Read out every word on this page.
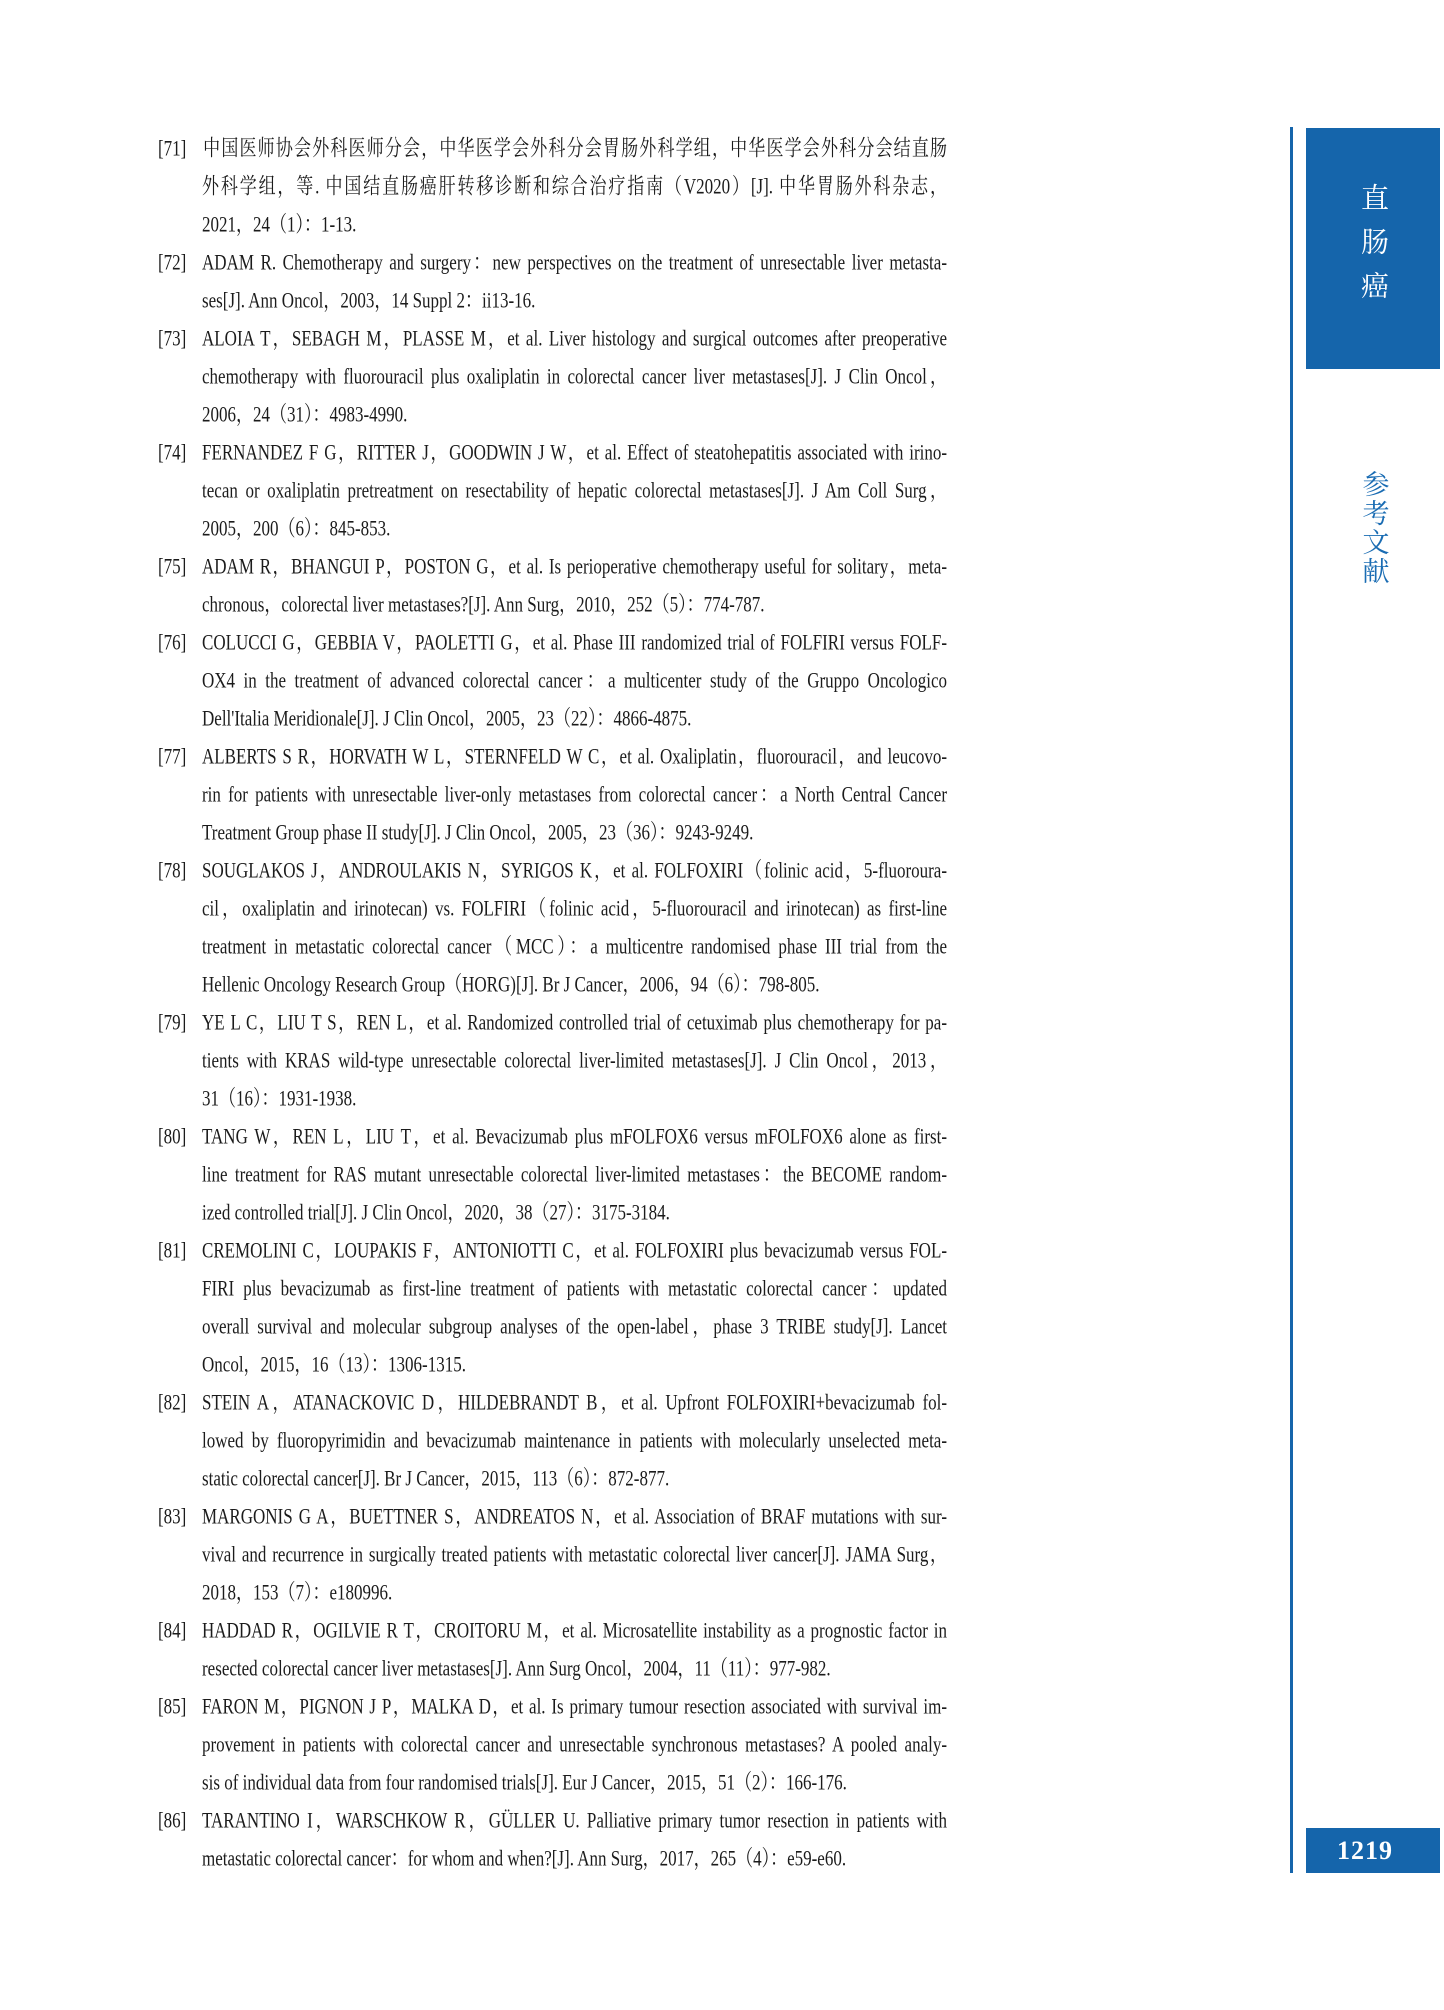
[71] 中国医师协会外科医师分会，中华医学会外科分会胃肠外科学组，中华医学会外科分会结直肠
外科学组，等. 中国结直肠癌肝转移诊断和综合治疗指南（V2020）[J]. 中华胃肠外科杂志，
2021，24（1）：1-13.
[72] ADAM R. Chemotherapy and surgery：new perspectives on the treatment of unresectable liver metasta-
ses[J]. Ann Oncol，2003，14 Suppl 2：ii13-16.
[73] ALOIA T，SEBAGH M，PLASSE M，et al. Liver histology and surgical outcomes after preoperative
chemotherapy with fluorouracil plus oxaliplatin in colorectal cancer liver metastases[J]. J Clin Oncol，
2006，24（31）：4983-4990.
[74] FERNANDEZ F G，RITTER J，GOODWIN J W，et al. Effect of steatohepatitis associated with irino-
tecan or oxaliplatin pretreatment on resectability of hepatic colorectal metastases[J]. J Am Coll Surg，
2005，200（6）：845-853.
[75] ADAM R，BHANGUI P，POSTON G，et al. Is perioperative chemotherapy useful for solitary，meta-
chronous，colorectal liver metastases?[J]. Ann Surg，2010，252（5）：774-787.
[76] COLUCCI G，GEBBIA V，PAOLETTI G，et al. Phase III randomized trial of FOLFIRI versus FOLF-
OX4 in the treatment of advanced colorectal cancer：a multicenter study of the Gruppo Oncologico
Dell'Italia Meridionale[J]. J Clin Oncol，2005，23（22）：4866-4875.
[77] ALBERTS S R，HORVATH W L，STERNFELD W C，et al. Oxaliplatin，fluorouracil，and leucovo-
rin for patients with unresectable liver-only metastases from colorectal cancer：a North Central Cancer
Treatment Group phase II study[J]. J Clin Oncol，2005，23（36）：9243-9249.
[78] SOUGLAKOS J，ANDROULAKIS N，SYRIGOS K，et al. FOLFOXIRI（folinic acid，5-fluoroura-
cil，oxaliplatin and irinotecan) vs. FOLFIRI（folinic acid，5-fluorouracil and irinotecan) as first-line
treatment in metastatic colorectal cancer（MCC）：a multicentre randomised phase III trial from the
Hellenic Oncology Research Group（HORG)[J]. Br J Cancer，2006，94（6）：798-805.
[79] YE L C，LIU T S，REN L，et al. Randomized controlled trial of cetuximab plus chemotherapy for pa-
tients with KRAS wild-type unresectable colorectal liver-limited metastases[J]. J Clin Oncol，2013，
31（16）：1931-1938.
[80] TANG W，REN L，LIU T，et al. Bevacizumab plus mFOLFOX6 versus mFOLFOX6 alone as first-
line treatment for RAS mutant unresectable colorectal liver-limited metastases：the BECOME random-
ized controlled trial[J]. J Clin Oncol，2020，38（27）：3175-3184.
[81] CREMOLINI C，LOUPAKIS F，ANTONIOTTI C，et al. FOLFOXIRI plus bevacizumab versus FOL-
FIRI plus bevacizumab as first-line treatment of patients with metastatic colorectal cancer：updated
overall survival and molecular subgroup analyses of the open-label，phase 3 TRIBE study[J]. Lancet
Oncol，2015，16（13）：1306-1315.
[82] STEIN A，ATANACKOVIC D，HILDEBRANDT B，et al. Upfront FOLFOXIRI+bevacizumab fol-
lowed by fluoropyrimidin and bevacizumab maintenance in patients with molecularly unselected meta-
static colorectal cancer[J]. Br J Cancer，2015，113（6）：872-877.
[83] MARGONIS G A，BUETTNER S，ANDREATOS N，et al. Association of BRAF mutations with sur-
vival and recurrence in surgically treated patients with metastatic colorectal liver cancer[J]. JAMA Surg，
2018，153（7）：e180996.
[84] HADDAD R，OGILVIE R T，CROITORU M，et al. Microsatellite instability as a prognostic factor in
resected colorectal cancer liver metastases[J]. Ann Surg Oncol，2004，11（11）：977-982.
[85] FARON M，PIGNON J P，MALKA D，et al. Is primary tumour resection associated with survival im-
provement in patients with colorectal cancer and unresectable synchronous metastases? A pooled analy-
sis of individual data from four randomised trials[J]. Eur J Cancer，2015，51（2）：166-176.
[86] TARANTINO I，WARSCHKOW R，GÜLLER U. Palliative primary tumor resection in patients with
metastatic colorectal cancer：for whom and when?[J]. Ann Surg，2017，265（4）：e59-e60.
直肠癌
参考文献
1219
